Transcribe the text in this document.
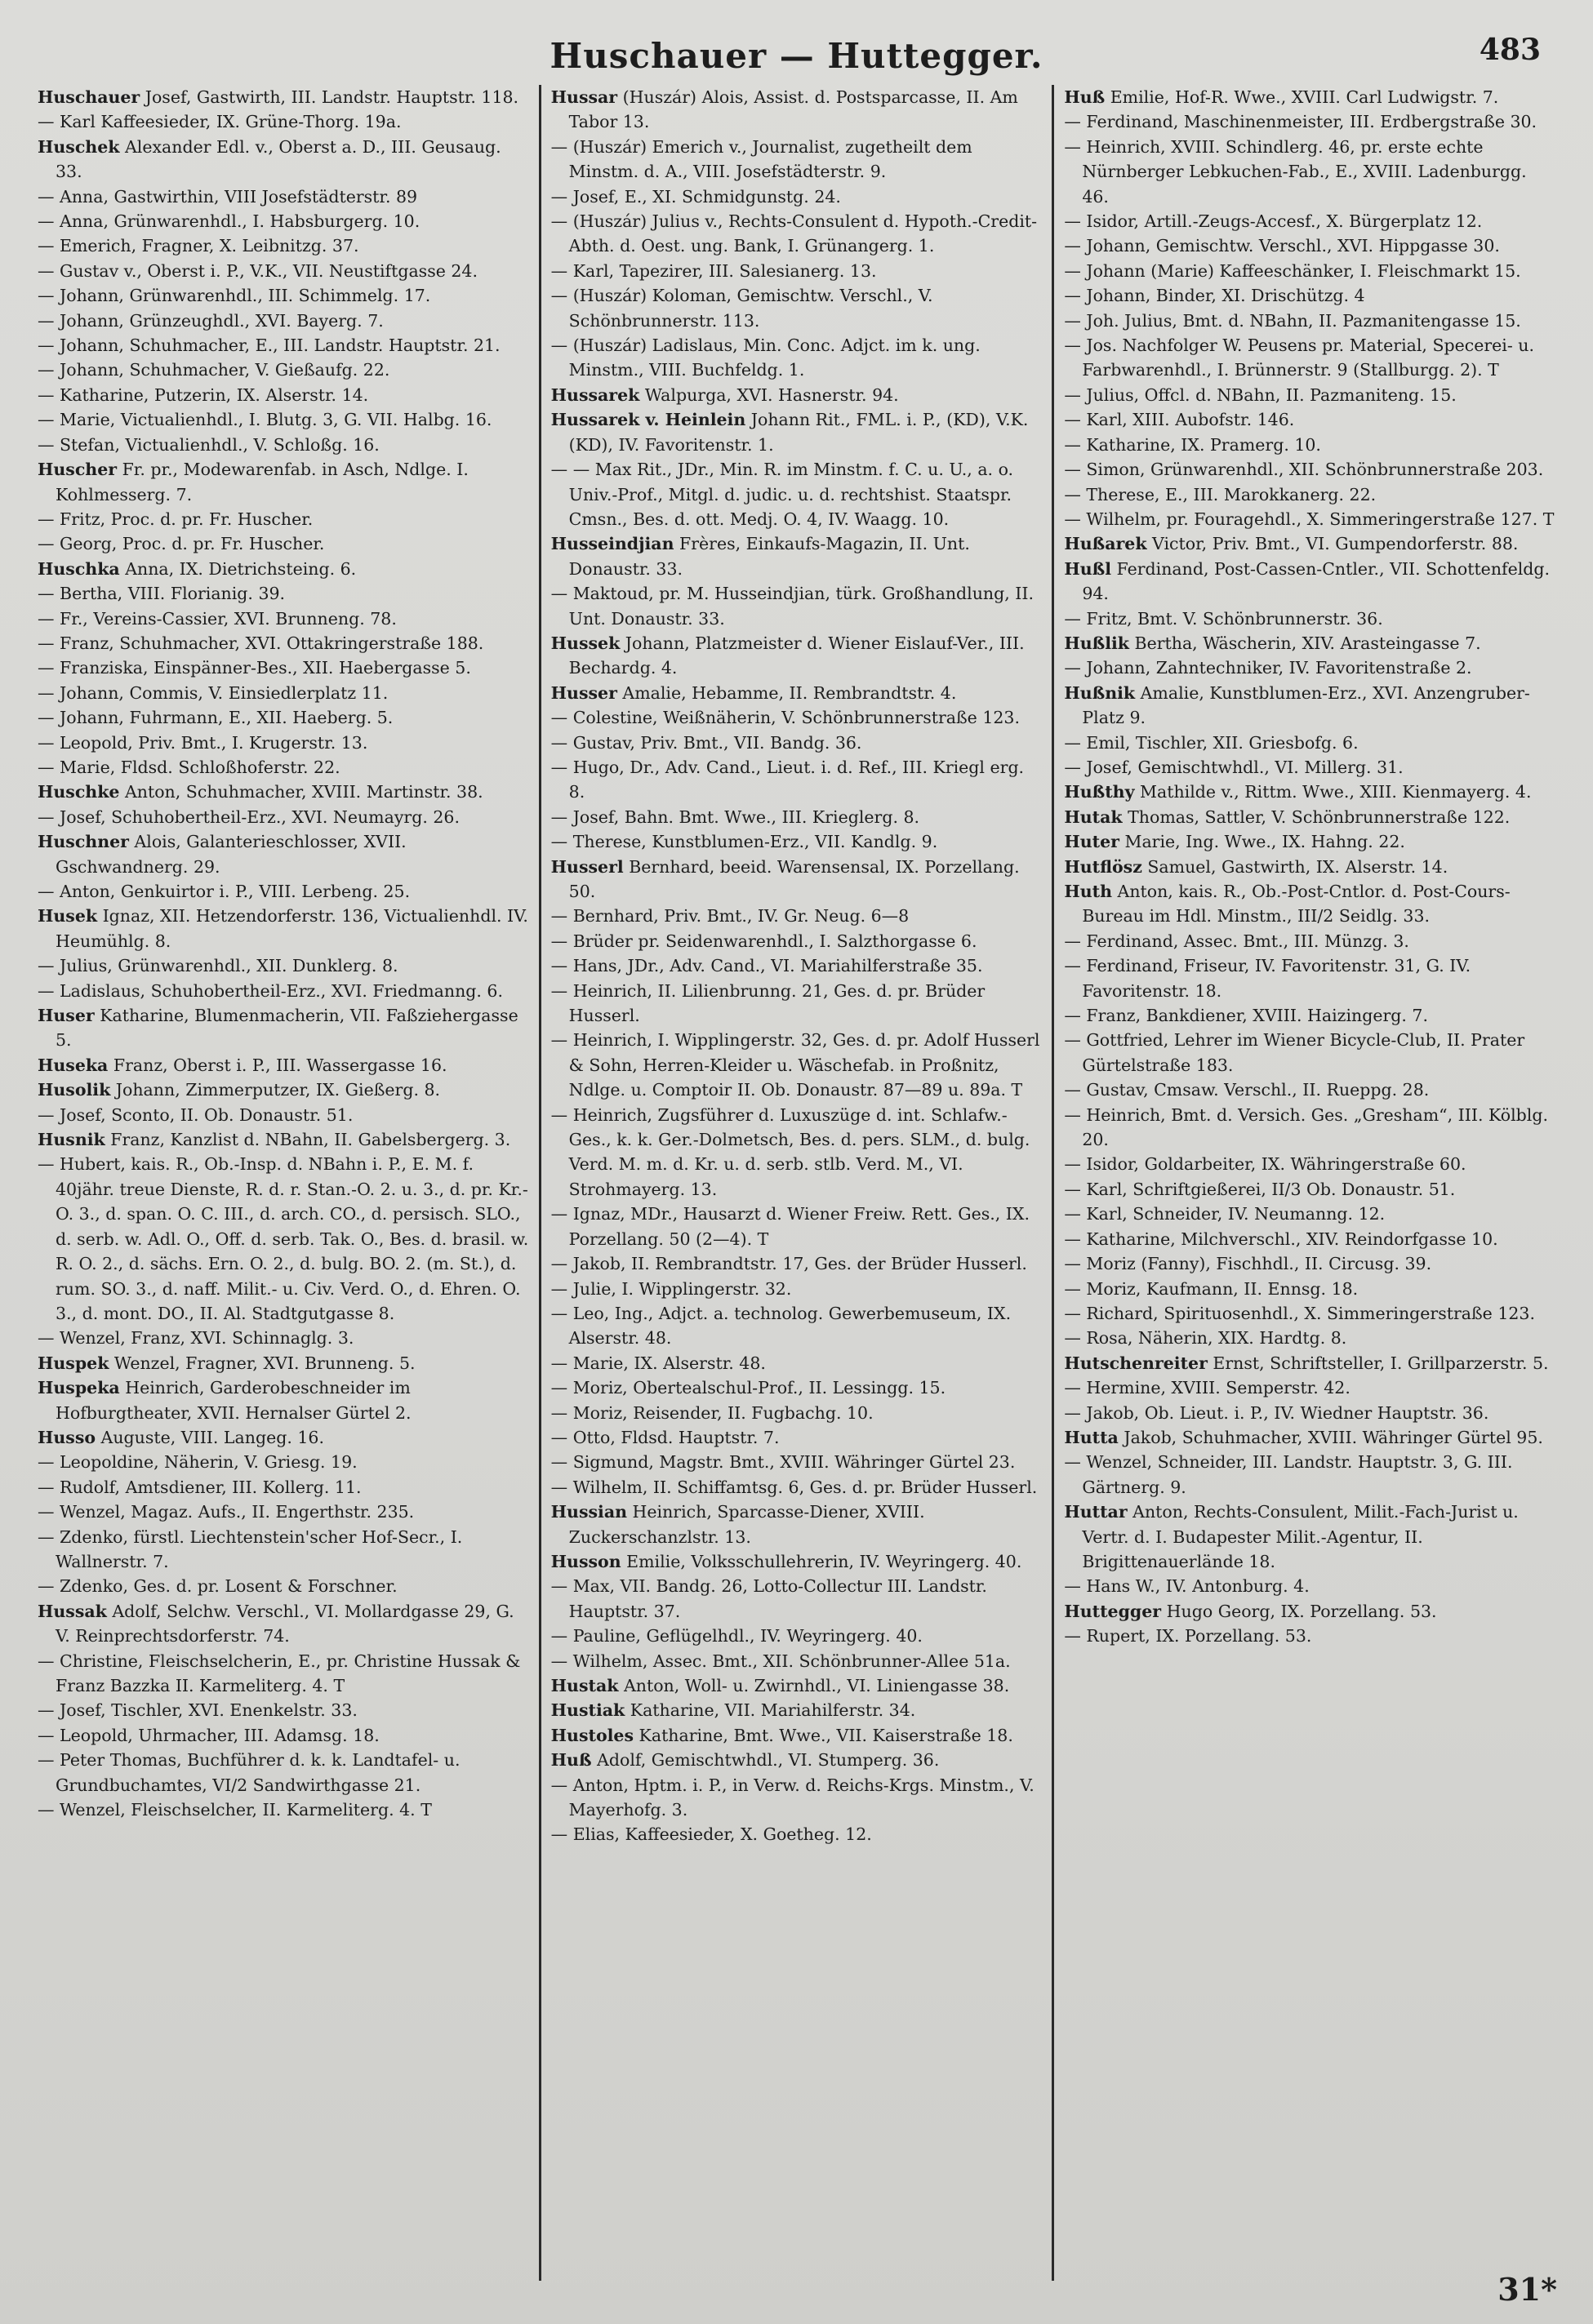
Huschauer — Huttegger.	483

Huschauer Josef, Gastwirth, III. Landstr. Hauptstr. 118.

— Karl Kaffeesieder, IX. Grüne-Thorg. 19a.

Huschek Alexander Edl. v., Oberst a. D., III. Geusaug. 33.

— Anna, Gastwirthin, VIII Josefstädterstr. 89

— Anna, Grünwarenhdl., I. Habsburgerg. 10.

— Emerich, Fragner, X. Leibnitzg. 37.

— Gustav v., Oberst i. P., V.K., VII. Neustiftgasse 24.

— Johann, Grünwarenhdl., III. Schimmelg. 17.

— Johann, Grünzeughdl., XVI. Bayerg. 7.

— Johann, Schuhmacher, E., III. Landstr. Hauptstr. 21.

— Johann, Schuhmacher, V. Gießaufg. 22.

— Katharine, Putzerin, IX. Alserstr. 14.

— Marie, Victualienhdl., I. Blutg. 3, G. VII. Halbg. 16.

— Stefan, Victualienhdl., V. Schloßg. 16.

Huscher Fr. pr., Modewarenfab. in Asch, Ndlge. I. Kohlmesserg. 7.

— Fritz, Proc. d. pr. Fr. Huscher.

— Georg, Proc. d. pr. Fr. Huscher.

Huschka Anna, IX. Dietrichsteing. 6.

— Bertha, VIII. Florianig. 39.

— Fr., Vereins-Cassier, XVI. Brunneng. 78.

— Franz, Schuhmacher, XVI. Ottakringerstraße 188.

— Franziska, Einspänner-Bes., XII. Haebergasse 5.

— Johann, Commis, V. Einsiedlerplatz 11.

— Johann, Fuhrmann, E., XII. Haeberg. 5.

— Leopold, Priv. Bmt., I. Krugerstr. 13.

— Marie, Fldsd. Schloßhoferstr. 22.

Huschke Anton, Schuhmacher, XVIII. Martinstr. 38.

— Josef, Schuhobertheil-Erz., XVI. Neumayrg. 26.

Huschner Alois, Galanterieschlosser, XVII. Gschwandnerg. 29.

— Anton, Genkuirtor i. P., VIII. Lerbeng. 25.

Husek Ignaz, XII. Hetzendorferstr. 136, Victualienhdl. IV. Heumühlg. 8.

— Julius, Grünwarenhdl., XII. Dunklerg. 8.

— Ladislaus, Schuhobertheil-Erz., XVI. Friedmanng. 6.

Huser Katharine, Blumenmacherin, VII. Faßziehergasse 5.

Huseka Franz, Oberst i. P., III. Wassergasse 16.

Husolik Johann, Zimmerputzer, IX. Gießerg. 8.

— Josef, Sconto, II. Ob. Donaustr. 51.

Husnik Franz, Kanzlist d. NBahn, II. Gabelsbergerg. 3.

— Hubert, kais. R., Ob.-Insp. d. NBahn i. P., E. M. f. 40jähr. treue Dienste, R. d. r. Stan.-O. 2. u. 3., d. pr. Kr.-O. 3., d. span. O. C. III., d. arch. CO., d. persisch. SLO., d. serb. w. Adl. O., Off. d. serb. Tak. O., Bes. d. brasil. w. R. O. 2., d. sächs. Ern. O. 2., d. bulg. BO. 2. (m. St.), d. rum. SO. 3., d. naff. Milit.- u. Civ. Verd. O., d. Ehren. O. 3., d. mont. DO., II. Al. Stadtgutgasse 8.

— Wenzel, Franz, XVI. Schinnaglg. 3.

Huspek Wenzel, Fragner, XVI. Brunneng. 5.

Huspeka Heinrich, Garderobeschneider im Hofburgtheater, XVII. Hernalser Gürtel 2.

Husso Auguste, VIII. Langeg. 16.

— Leopoldine, Näherin, V. Griesg. 19.

— Rudolf, Amtsdiener, III. Kollerg. 11.

— Wenzel, Magaz. Aufs., II. Engerthstr. 235.

— Zdenko, fürstl. Liechtenstein'scher Hof-Secr., I. Wallnerstr. 7.

— Zdenko, Ges. d. pr. Losent & Forschner.

Hussak Adolf, Selchw. Verschl., VI. Mollardgasse 29, G. V. Reinprechtsdorferstr. 74.

— Christine, Fleischselcherin, E., pr. Christine Hussak & Franz Bazzka II. Karmeliterg. 4. T

— Josef, Tischler, XVI. Enenkelstr. 33.

— Leopold, Uhrmacher, III. Adamsg. 18.

— Peter Thomas, Buchführer d. k. k. Landtafel- u. Grundbuchamtes, VI/2 Sandwirthgasse 21.

— Wenzel, Fleischselcher, II. Karmeliterg. 4. T

Hussar (Huszár) Alois, Assist. d. Postsparcasse, II. Am Tabor 13.

— (Huszár) Emerich v., Journalist, zugetheilt dem Minstm. d. A., VIII. Josefstädterstr. 9.

— Josef, E., XI. Schmidgunstg. 24.

— (Huszár) Julius v., Rechts-Consulent d. Hypoth.-Credit-Abth. d. Oest. ung. Bank, I. Grünangerg. 1.

— Karl, Tapezirer, III. Salesianerg. 13.

— (Huszár) Koloman, Gemischtw. Verschl., V. Schönbrunnerstr. 113.

— (Huszár) Ladislaus, Min. Conc. Adjct. im k. ung. Minstm., VIII. Buchfeldg. 1.

Hussarek Walpurga, XVI. Hasnerstr. 94.

Hussarek v. Heinlein Johann Rit., FML. i. P., (KD), V.K. (KD), IV. Favoritenstr. 1.

— — Max Rit., JDr., Min. R. im Minstm. f. C. u. U., a. o. Univ.-Prof., Mitgl. d. judic. u. d. rechtshist. Staatspr. Cmsn., Bes. d. ott. Medj. O. 4, IV. Waagg. 10.

Husseindjian Frères, Einkaufs-Magazin, II. Unt. Donaustr. 33.

— Maktoud, pr. M. Husseindjian, türk. Großhandlung, II. Unt. Donaustr. 33.

Hussek Johann, Platzmeister d. Wiener Eislauf-Ver., III. Bechardg. 4.

Husser Amalie, Hebamme, II. Rembrandtstr. 4.

— Colestine, Weißnäherin, V. Schönbrunnerstraße 123.

— Gustav, Priv. Bmt., VII. Bandg. 36.

— Hugo, Dr., Adv. Cand., Lieut. i. d. Ref., III. Kriegl erg. 8.

— Josef, Bahn. Bmt. Wwe., III. Krieglerg. 8.

— Therese, Kunstblumen-Erz., VII. Kandlg. 9.

Husserl Bernhard, beeid. Warensensal, IX. Porzellang. 50.

— Bernhard, Priv. Bmt., IV. Gr. Neug. 6—8

— Brüder pr. Seidenwarenhdl., I. Salzthorgasse 6.

— Hans, JDr., Adv. Cand., VI. Mariahilferstraße 35.

— Heinrich, II. Lilienbrunng. 21, Ges. d. pr. Brüder Husserl.

— Heinrich, I. Wipplingerstr. 32, Ges. d. pr. Adolf Husserl & Sohn, Herren-Kleider u. Wäschefab. in Proßnitz, Ndlge. u. Comptoir II. Ob. Donaustr. 87—89 u. 89a. T

— Heinrich, Zugsführer d. Luxuszüge d. int. Schlafw.-Ges., k. k. Ger.-Dolmetsch, Bes. d. pers. SLM., d. bulg. Verd. M. m. d. Kr. u. d. serb. stlb. Verd. M., VI. Strohmayerg. 13.

— Ignaz, MDr., Hausarzt d. Wiener Freiw. Rett. Ges., IX. Porzellang. 50 (2—4). T

— Jakob, II. Rembrandtstr. 17, Ges. der Brüder Husserl.

— Julie, I. Wipplingerstr. 32.

— Leo, Ing., Adjct. a. technolog. Gewerbemuseum, IX. Alserstr. 48.

— Marie, IX. Alserstr. 48.

— Moriz, Obertealschul-Prof., II. Lessingg. 15.

— Moriz, Reisender, II. Fugbachg. 10.

— Otto, Fldsd. Hauptstr. 7.

— Sigmund, Magstr. Bmt., XVIII. Währinger Gürtel 23.

— Wilhelm, II. Schiffamtsg. 6, Ges. d. pr. Brüder Husserl.

Hussian Heinrich, Sparcasse-Diener, XVIII. Zuckerschanzlstr. 13.

Husson Emilie, Volksschullehrerin, IV. Weyringerg. 40.

— Max, VII. Bandg. 26, Lotto-Collectur III. Landstr. Hauptstr. 37.

— Pauline, Geflügelhdl., IV. Weyringerg. 40.

— Wilhelm, Assec. Bmt., XII. Schönbrunner-Allee 51a.

Hustak Anton, Woll- u. Zwirnhdl., VI. Liniengasse 38.

Hustiak Katharine, VII. Mariahilferstr. 34.

Hustoles Katharine, Bmt. Wwe., VII. Kaiserstraße 18.

Huß Adolf, Gemischtwhdl., VI. Stumperg. 36.

— Anton, Hptm. i. P., in Verw. d. Reichs-Krgs. Minstm., V. Mayerhofg. 3.

— Elias, Kaffeesieder, X. Goetheg. 12.

Huß Emilie, Hof-R. Wwe., XVIII. Carl Ludwigstr. 7.

— Ferdinand, Maschinenmeister, III. Erdbergstraße 30.

— Heinrich, XVIII. Schindlerg. 46, pr. erste echte Nürnberger Lebkuchen-Fab., E., XVIII. Ladenburgg. 46.

— Isidor, Artill.-Zeugs-Accesf., X. Bürgerplatz 12.

— Johann, Gemischtw. Verschl., XVI. Hippgasse 30.

— Johann (Marie) Kaffeeschänker, I. Fleischmarkt 15.

— Johann, Binder, XI. Drischützg. 4

— Joh. Julius, Bmt. d. NBahn, II. Pazmanitengasse 15.

— Jos. Nachfolger W. Peusens pr. Material, Specerei- u. Farbwarenhdl., I. Brünnerstr. 9 (Stallburgg. 2). T

— Julius, Offcl. d. NBahn, II. Pazmaniteng. 15.

— Karl, XIII. Aubofstr. 146.

— Katharine, IX. Pramerg. 10.

— Simon, Grünwarenhdl., XII. Schönbrunnerstraße 203.

— Therese, E., III. Marokkanerg. 22.

— Wilhelm, pr. Fouragehdl., X. Simmeringerstraße 127. T

Hußarek Victor, Priv. Bmt., VI. Gumpendorferstr. 88.

Hußl Ferdinand, Post-Cassen-Cntler., VII. Schottenfeldg. 94.

— Fritz, Bmt. V. Schönbrunnerstr. 36.

Hußlik Bertha, Wäscherin, XIV. Arasteingasse 7.

— Johann, Zahntechniker, IV. Favoritenstraße 2.

Hußnik Amalie, Kunstblumen-Erz., XVI. Anzengruber-Platz 9.

— Emil, Tischler, XII. Griesbofg. 6.

— Josef, Gemischtwhdl., VI. Millerg. 31.

Hußthy Mathilde v., Rittm. Wwe., XIII. Kienmayerg. 4.

Hutak Thomas, Sattler, V. Schönbrunnerstraße 122.

Huter Marie, Ing. Wwe., IX. Hahng. 22.

Hutflösz Samuel, Gastwirth, IX. Alserstr. 14.

Huth Anton, kais. R., Ob.-Post-Cntlor. d. Post-Cours-Bureau im Hdl. Minstm., III/2 Seidlg. 33.

— Ferdinand, Assec. Bmt., III. Münzg. 3.

— Ferdinand, Friseur, IV. Favoritenstr. 31, G. IV. Favoritenstr. 18.

— Franz, Bankdiener, XVIII. Haizingerg. 7.

— Gottfried, Lehrer im Wiener Bicycle-Club, II. Prater Gürtelstraße 183.

— Gustav, Cmsaw. Verschl., II. Rueppg. 28.

— Heinrich, Bmt. d. Versich. Ges. „Gresham“, III. Kölblg. 20.

— Isidor, Goldarbeiter, IX. Währingerstraße 60.

— Karl, Schriftgießerei, II/3 Ob. Donaustr. 51.

— Karl, Schneider, IV. Neumanng. 12.

— Katharine, Milchverschl., XIV. Reindorfgasse 10.

— Moriz (Fanny), Fischhdl., II. Circusg. 39.

— Moriz, Kaufmann, II. Ennsg. 18.

— Richard, Spirituosenhdl., X. Simmeringerstraße 123.

— Rosa, Näherin, XIX. Hardtg. 8.

Hutschenreiter Ernst, Schriftsteller, I. Grillparzerstr. 5.

— Hermine, XVIII. Semperstr. 42.

— Jakob, Ob. Lieut. i. P., IV. Wiedner Hauptstr. 36.

Hutta Jakob, Schuhmacher, XVIII. Währinger Gürtel 95.

— Wenzel, Schneider, III. Landstr. Hauptstr. 3, G. III. Gärtnerg. 9.

Huttar Anton, Rechts-Consulent, Milit.-Fach-Jurist u. Vertr. d. I. Budapester Milit.-Agentur, II. Brigittenauerlände 18.

— Hans W., IV. Antonburg. 4.

Huttegger Hugo Georg, IX. Porzellang. 53.

— Rupert, IX. Porzellang. 53.

31*
